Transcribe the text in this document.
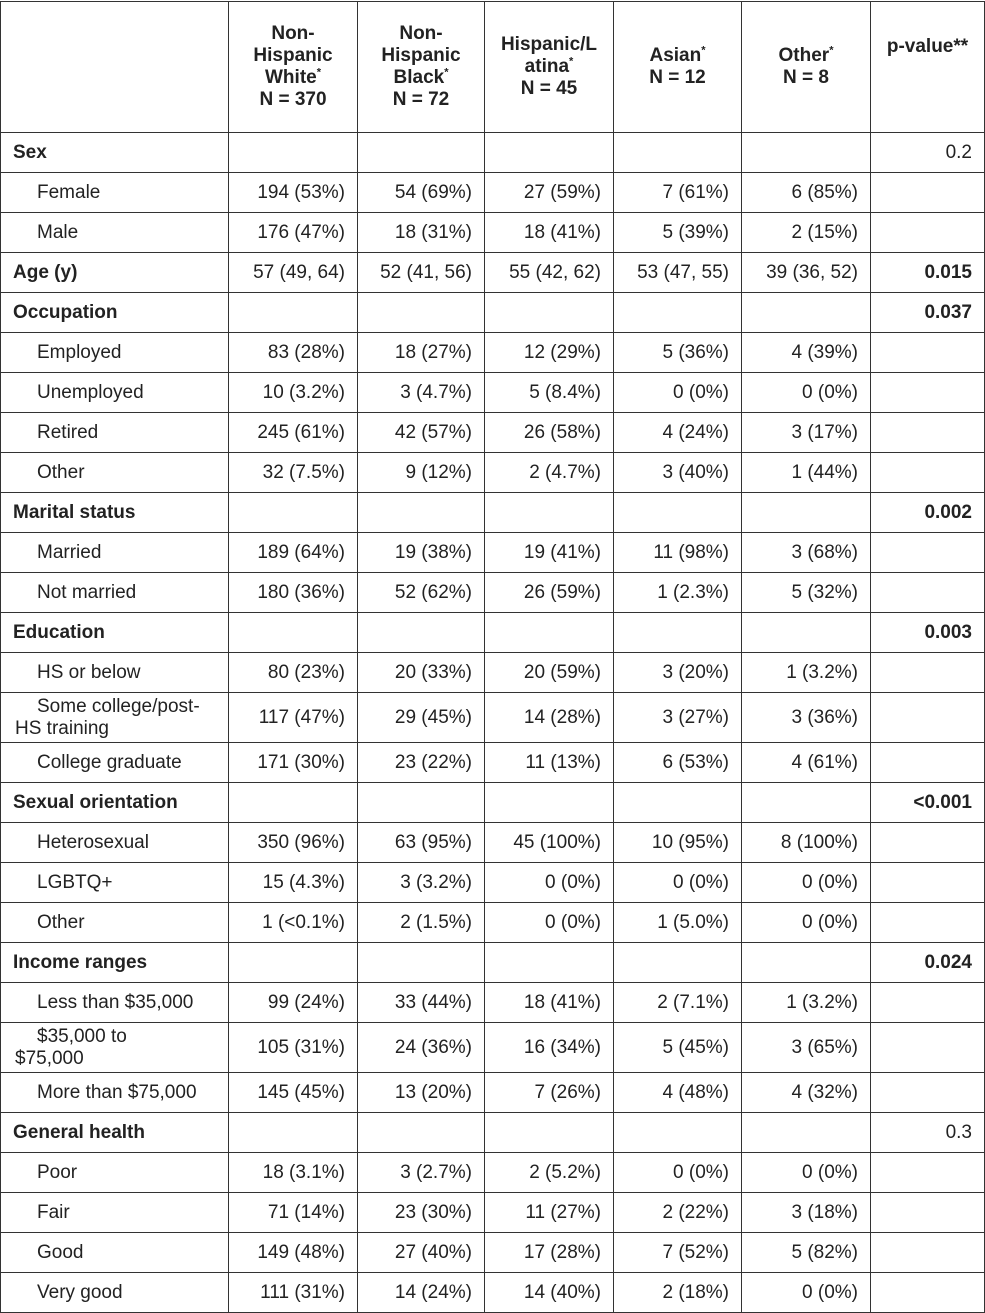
	Non-
Hispanic
White*
N = 370	Non-
Hispanic
Black*
N = 72	Hispanic/L
atina*
N = 45	Asian*
N = 12	Other*
N = 8	p-value**
Sex						0.2
Female	194 (53%)	54 (69%)	27 (59%)	7 (61%)	6 (85%)	
Male	176 (47%)	18 (31%)	18 (41%)	5 (39%)	2 (15%)	
Age (y)	57 (49, 64)	52 (41, 56)	55 (42, 62)	53 (47, 55)	39 (36, 52)	0.015
Occupation						0.037
Employed	83 (28%)	18 (27%)	12 (29%)	5 (36%)	4 (39%)	
Unemployed	10 (3.2%)	3 (4.7%)	5 (8.4%)	0 (0%)	0 (0%)	
Retired	245 (61%)	42 (57%)	26 (58%)	4 (24%)	3 (17%)	
Other	32 (7.5%)	9 (12%)	2 (4.7%)	3 (40%)	1 (44%)	
Marital status						0.002
Married	189 (64%)	19 (38%)	19 (41%)	11 (98%)	3 (68%)	
Not married	180 (36%)	52 (62%)	26 (59%)	1 (2.3%)	5 (32%)	
Education						0.003
HS or below	80 (23%)	20 (33%)	20 (59%)	3 (20%)	1 (3.2%)	
Some college/post-
HS training	117 (47%)	29 (45%)	14 (28%)	3 (27%)	3 (36%)	
College graduate	171 (30%)	23 (22%)	11 (13%)	6 (53%)	4 (61%)	
Sexual orientation						<0.001
Heterosexual	350 (96%)	63 (95%)	45 (100%)	10 (95%)	8 (100%)	
LGBTQ+	15 (4.3%)	3 (3.2%)	0 (0%)	0 (0%)	0 (0%)	
Other	1 (<0.1%)	2 (1.5%)	0 (0%)	1 (5.0%)	0 (0%)	
Income ranges						0.024
Less than $35,000	99 (24%)	33 (44%)	18 (41%)	2 (7.1%)	1 (3.2%)	
$35,000 to
$75,000	105 (31%)	24 (36%)	16 (34%)	5 (45%)	3 (65%)	
More than $75,000	145 (45%)	13 (20%)	7 (26%)	4 (48%)	4 (32%)	
General health						0.3
Poor	18 (3.1%)	3 (2.7%)	2 (5.2%)	0 (0%)	0 (0%)	
Fair	71 (14%)	23 (30%)	11 (27%)	2 (22%)	3 (18%)	
Good	149 (48%)	27 (40%)	17 (28%)	7 (52%)	5 (82%)	
Very good	111 (31%)	14 (24%)	14 (40%)	2 (18%)	0 (0%)	
